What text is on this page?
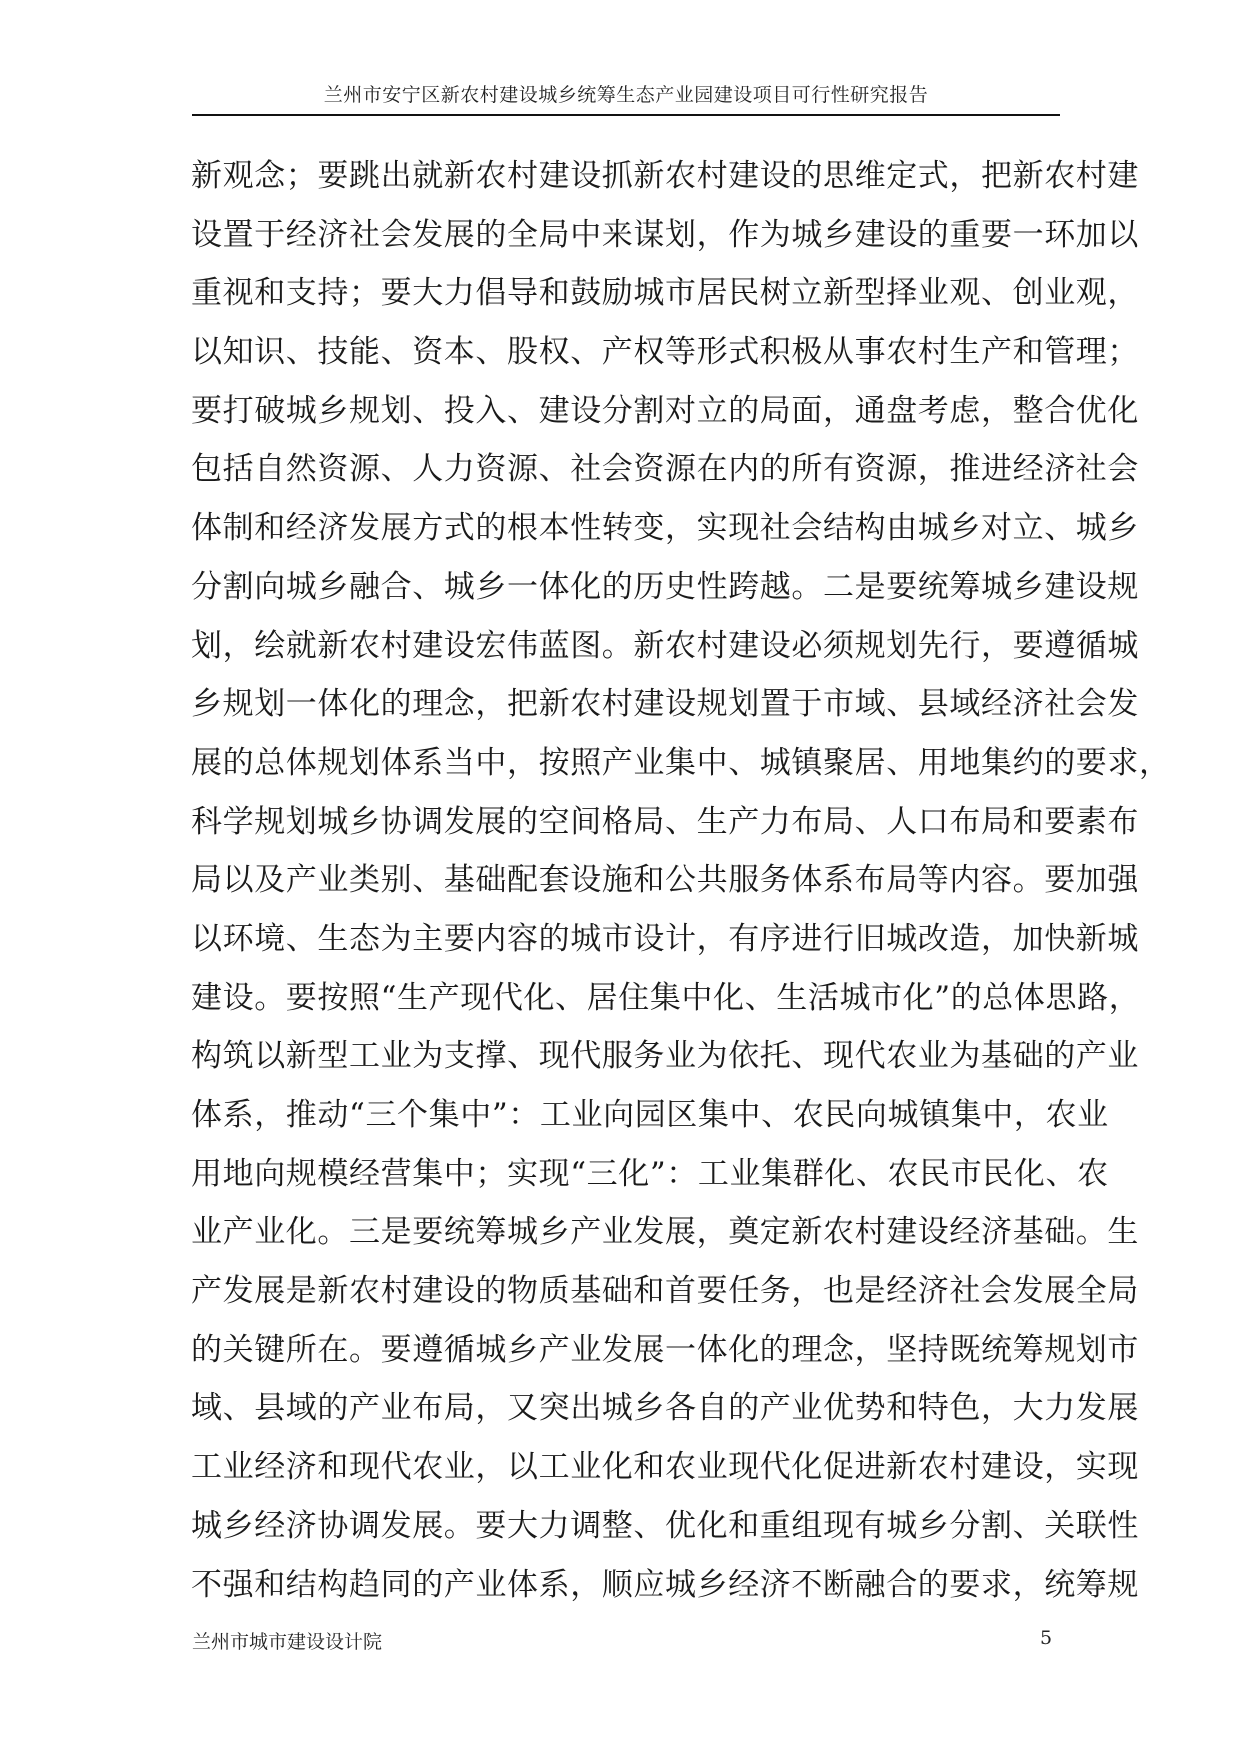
兰州市安宁区新农村建设城乡统筹生态产业园建设项目可行性研究报告
新观念；要跳出就新农村建设抓新农村建设的思维定式，把新农村建
设置于经济社会发展的全局中来谋划，作为城乡建设的重要一环加以
重视和支持；要大力倡导和鼓励城市居民树立新型择业观、创业观，
以知识、技能、资本、股权、产权等形式积极从事农村生产和管理；
要打破城乡规划、投入、建设分割对立的局面，通盘考虑，整合优化
包括自然资源、人力资源、社会资源在内的所有资源，推进经济社会
体制和经济发展方式的根本性转变，实现社会结构由城乡对立、城乡
分割向城乡融合、城乡一体化的历史性跨越。二是要统筹城乡建设规
划，绘就新农村建设宏伟蓝图。新农村建设必须规划先行，要遵循城
乡规划一体化的理念，把新农村建设规划置于市域、县域经济社会发
展的总体规划体系当中，按照产业集中、城镇聚居、用地集约的要求，
科学规划城乡协调发展的空间格局、生产力布局、人口布局和要素布
局以及产业类别、基础配套设施和公共服务体系布局等内容。要加强
以环境、生态为主要内容的城市设计，有序进行旧城改造，加快新城
建设。要按照“生产现代化、居住集中化、生活城市化”的总体思路，
构筑以新型工业为支撑、现代服务业为依托、现代农业为基础的产业
体系，推动“三个集中”：工业向园区集中、农民向城镇集中，农业
用地向规模经营集中；实现“三化”：工业集群化、农民市民化、农
业产业化。三是要统筹城乡产业发展，奠定新农村建设经济基础。生
产发展是新农村建设的物质基础和首要任务，也是经济社会发展全局
的关键所在。要遵循城乡产业发展一体化的理念，坚持既统筹规划市
域、县域的产业布局，又突出城乡各自的产业优势和特色，大力发展
工业经济和现代农业，以工业化和农业现代化促进新农村建设，实现
城乡经济协调发展。要大力调整、优化和重组现有城乡分割、关联性
不强和结构趋同的产业体系，顺应城乡经济不断融合的要求，统筹规
兰州市城市建设设计院	5
